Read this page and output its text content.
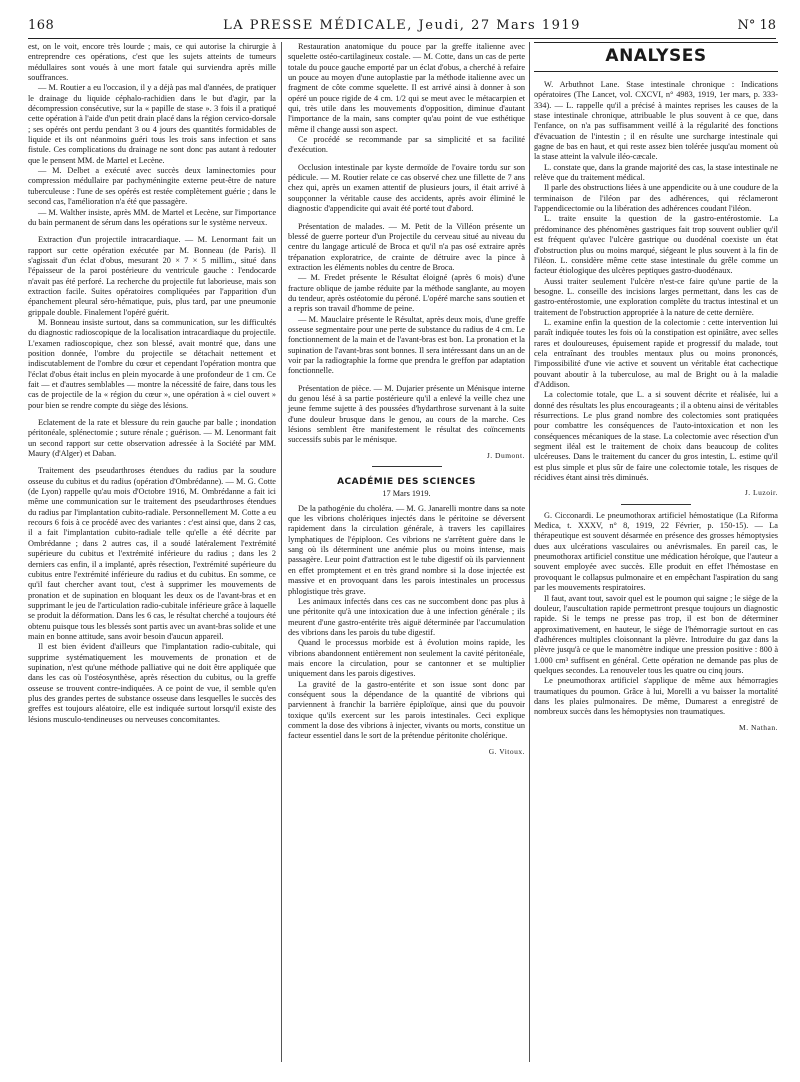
168	LA PRESSE MÉDICALE, Jeudi, 27 Mars 1919	N° 18

est, on le voit, encore très lourde ; mais, ce qui autorise la chirurgie à entreprendre ces opérations, c'est que les sujets atteints de tumeurs médullaires sont voués à une mort fatale qui surviendra après mille souffrances.

— M. Routier a eu l'occasion, il y a déjà pas mal d'années, de pratiquer le drainage du liquide céphalo-rachidien dans le but d'agir, par la décompression consécutive, sur la « papille de stase ». 3 fois il a pratiqué cette opération à l'aide d'un petit drain placé dans la région cervico-dorsale ; ses opérés ont perdu pendant 3 ou 4 jours des quantités formidables de liquide et ils ont néanmoins guéri tous les trois sans infection et sans fistule. Ces complications du drainage ne sont donc pas autant à redouter que le pensent MM. de Martel et Lecène.

— M. Delbet a exécuté avec succès deux laminectomies pour compression médullaire par pachyméningite externe peut-être de nature tuberculeuse : l'une de ses opérés est restée complètement guérie ; dans le second cas, l'amélioration n'a été que passagère.

— M. Walther insiste, après MM. de Martel et Lecène, sur l'importance du bain permanent de sérum dans les opérations sur le système nerveux.

Extraction d'un projectile intracardiaque. — M. Lenormant fait un rapport sur cette opération exécutée par M. Bonneau (de Paris). Il s'agissait d'un éclat d'obus, mesurant 20 × 7 × 5 millim., situé dans l'épaisseur de la paroi postérieure du ventricule gauche : l'endocarde n'avait pas été perforé. La recherche du projectile fut laborieuse, mais son extraction facile. Suites opératoires compliquées par l'apparition d'un épanchement pleural séro-hématique, puis, plus tard, par une pneumonie grippale double. Finalement l'opéré guérit.

M. Bonneau insiste surtout, dans sa communication, sur les difficultés du diagnostic radioscopique de la localisation intracardiaque du projectile. L'examen radioscopique, chez son blessé, avait montré que, dans une position donnée, l'ombre du projectile se détachait nettement et indiscutablement de l'ombre du cœur et cependant l'opération montra que l'éclat d'obus était inclus en plein myocarde à une profondeur de 1 cm. Ce fait — et d'autres semblables — montre la nécessité de faire, dans tous les cas de projectile de la « région du cœur », une opération à « ciel ouvert » pour bien se rendre compte du siège des lésions.

Eclatement de la rate et blessure du rein gauche par balle ; inondation péritonéale, splénectomie ; suture rénale ; guérison. — M. Lenormant fait un second rapport sur cette observation adressée à la Société par MM. Maury (d'Alger) et Daban.

Traitement des pseudarthroses étendues du radius par la soudure osseuse du cubitus et du radius (opération d'Ombrédanne). — M. G. Cotte (de Lyon) rappelle qu'au mois d'Octobre 1916, M. Ombrédanne a fait ici même une communication sur le traitement des pseudarthroses étendues du radius par l'implantation cubito-radiale. Personnellement M. Cotte a eu recours 6 fois à ce procédé avec des variantes : c'est ainsi que, dans 2 cas, il a fait l'implantation cubito-radiale telle qu'elle a été décrite par Ombrédanne ; dans 2 autres cas, il a soudé latéralement l'extrémité supérieure du cubitus et l'extrémité inférieure du radius ; dans les 2 derniers cas enfin, il a implanté, après résection, l'extrémité supérieure du cubitus entre l'extrémité inférieure du radius et du cubitus. En somme, ce qu'il faut chercher avant tout, c'est à supprimer les mouvements de pronation et de supination en bloquant les deux os de l'avant-bras et en supprimant le jeu de l'articulation radio-cubitale inférieure grâce à laquelle se produit la déformation. Dans les 6 cas, le résultat cherché a toujours été obtenu puisque tous les blessés sont partis avec un avant-bras solide et une main en bonne attitude, sans avoir besoin d'aucun appareil.

Il est bien évident d'ailleurs que l'implantation radio-cubitale, qui supprime systématiquement les mouvements de pronation et de supination, n'est qu'une méthode palliative qui ne doit être appliquée que dans les cas où l'ostéosynthèse, après résection du cubitus, ou la greffe osseuse se trouvent contre-indiquées. A ce point de vue, il semble qu'en plus des grandes pertes de substance osseuse dans lesquelles le succès des greffes est toujours aléatoire, elle est indiquée surtout lorsqu'il existe des lésions musculo-tendineuses ou nerveuses concomitantes.

Restauration anatomique du pouce par la greffe italienne avec squelette ostéo-cartilagineux costale. — M. Cotte, dans un cas de perte totale du pouce gauche emporté par un éclat d'obus, a cherché à refaire un pouce au moyen d'une autoplastie par la méthode italienne avec un fragment de côte comme squelette. Il est arrivé ainsi à donner à son opéré un pouce rigide de 4 cm. 1/2 qui se meut avec le métacarpien et qui, très utile dans les mouvements d'opposition, diminue d'autant l'importance de la main, sans compter qu'au point de vue esthétique même il change aussi son aspect.

Ce procédé se recommande par sa simplicité et sa facilité d'exécution.

Occlusion intestinale par kyste dermoïde de l'ovaire tordu sur son pédicule. — M. Routier relate ce cas observé chez une fillette de 7 ans chez qui, après un examen attentif de plusieurs jours, il était arrivé à soupçonner la véritable cause des accidents, après avoir éliminé le diagnostic d'appendicite qui avait été porté tout d'abord.

Présentation de malades. — M. Petit de la Villéon présente un blessé de guerre porteur d'un Projectile du cerveau situé au niveau du centre du langage articulé de Broca et qu'il n'a pas osé extraire après trépanation exploratrice, de crainte de détruire avec la pince à extraction les éléments nobles du centre de Broca.

— M. Fredet présente le Résultat éloigné (après 6 mois) d'une fracture oblique de jambe réduite par la méthode sanglante, au moyen du tendeur, après ostéotomie du péroné. L'opéré marche sans soutien et a repris son travail d'homme de peine.

— M. Mauclaire présente le Résultat, après deux mois, d'une greffe osseuse segmentaire pour une perte de substance du radius de 4 cm. Le fonctionnement de la main et de l'avant-bras est bon. La pronation et la supination de l'avant-bras sont bonnes. Il sera intéressant dans un an de voir par la radiographie la forme que prendra le greffon par adaptation fonctionnelle.

Présentation de pièce. — M. Dujarier présente un Ménisque interne du genou lésé à sa partie postérieure qu'il a enlevé la veille chez une jeune femme sujette à des poussées d'hydarthrose survenant à la suite d'une douleur brusque dans le genou, au cours de la marche. Ces lésions semblent être manifestement le résultat des coïncements successifs subis par le ménisque.

J. Dumont.
ACADÉMIE DES SCIENCES
17 Mars 1919.

De la pathogénie du choléra. — M. G. Janarelli montre dans sa note que les vibrions cholériques injectés dans le péritoine se déversent rapidement dans la circulation générale, à travers les capillaires lymphatiques de l'épiploon. Ces vibrions ne s'arrêtent guère dans le sang où ils déterminent une anémie plus ou moins intense, mais passagère. Leur point d'attraction est le tube digestif où ils parviennent en effet promptement et en très grand nombre si la dose injectée est massive et en provoquant dans les parois intestinales un processus phlogistique très grave.

Les animaux infectés dans ces cas ne succombent donc pas plus à une péritonite qu'à une intoxication due à une infection générale ; ils meurent d'une gastro-entérite très aiguë déterminée par l'accumulation des vibrions dans les parois du tube digestif.

Quand le processus morbide est à évolution moins rapide, les vibrions abandonnent entièrement non seulement la cavité péritonéale, mais encore la circulation, pour se cantonner et se multiplier uniquement dans les parois digestives.

La gravité de la gastro-entérite et son issue sont donc par conséquent sous la dépendance de la quantité de vibrions qui parviennent à franchir la barrière épiploïque, ainsi que du pouvoir toxique qu'ils exercent sur les parois intestinales. Ceci explique comment la dose des vibrions à injecter, vivants ou morts, constitue un facteur essentiel dans le sort de la prétendue péritonite cholérique.

G. Vitoux.
ANALYSES

W. Arbuthnot Lane. Stase intestinale chronique : Indications opératoires (The Lancet, vol. CXCVI, n° 4983, 1919, 1er mars, p. 333-334). — L. rappelle qu'il a précisé à maintes reprises les causes de la stase intestinale chronique, attribuable le plus souvent à ce que, dans l'enfance, on n'a pas suffisamment veillé à la régularité des fonctions d'évacuation de l'intestin ; il en résulte une surcharge intestinale qui gagne de bas en haut, et qui reste assez bien tolérée jusqu'au moment où la stase atteint la valvule iléo-cæcale.

L. constate que, dans la grande majorité des cas, la stase intestinale ne relève que du traitement médical.

Il parle des obstructions liées à une appendicite ou à une coudure de la terminaison de l'iléon par des adhérences, qui réclameront l'appendicectomie ou la libération des adhérences coudant l'iléon.

L. traite ensuite la question de la gastro-entérostomie. La prédominance des phénomènes gastriques fait trop souvent oublier qu'il est fréquent qu'avec l'ulcère gastrique ou duodénal coexiste un état d'obstruction plus ou moins marqué, siégeant le plus souvent à la fin de l'iléon. L. considère même cette stase intestinale du grêle comme un facteur étiologique des ulcères peptiques gastro-duodénaux.

Aussi traiter seulement l'ulcère n'est-ce faire qu'une partie de la besogne. L. conseille des incisions larges permettant, dans les cas de gastro-entérostomie, une exploration complète du tractus intestinal et un traitement de l'obstruction appropriée à la nature de cette dernière.

L. examine enfin la question de la colectomie : cette intervention lui paraît indiquée toutes les fois où la constipation est opiniâtre, avec selles rares et douloureuses, épuisement rapide et progressif du malade, tout cela entraînant des troubles mentaux plus ou moins prononcés, l'impossibilité d'une vie active et souvent un véritable état cachectique pouvant aboutir à la tuberculose, au mal de Bright ou à la maladie d'Addison.

La colectomie totale, que L. a si souvent décrite et réalisée, lui a donné des résultats les plus encourageants ; il a obtenu ainsi de véritables résurrections. Le plus grand nombre des colectomies sont pratiquées pour combattre les conséquences de l'auto-intoxication et non les conséquences mécaniques de la stase. La colectomie avec résection d'un segment iléal est le traitement de choix dans beaucoup de colites ulcéreuses. Dans le traitement du cancer du gros intestin, L. estime qu'il est plus simple et plus sûr de faire une colectomie totale, les risques de récidives étant ainsi très diminués.

J. Luzoir.

G. Cicconardi. Le pneumothorax artificiel hémostatique (La Riforma Medica, t. XXXV, n° 8, 1919, 22 Février, p. 150-15). — La thérapeutique est souvent désarmée en présence des grosses hémoptysies dues aux ulcérations vasculaires ou anévrismales. En pareil cas, le pneumothorax artificiel constitue une médication héroïque, que l'auteur a souvent employée avec succès. Elle produit en effet l'hémostase en provoquant le collapsus pulmonaire et en empêchant l'aspiration du sang par les mouvements respiratoires.

Il faut, avant tout, savoir quel est le poumon qui saigne ; le siège de la douleur, l'auscultation rapide permettront presque toujours un diagnostic rapide. Si le temps ne presse pas trop, il est bon de déterminer approximativement, en hauteur, le siège de l'hémorragie surtout en cas d'adhérences multiples cloisonnant la plèvre. Introduire du gaz dans la plèvre jusqu'à ce que le manomètre indique une pression positive : 800 à 1.000 cm³ suffisent en général. Cette opération ne demande pas plus de quelques secondes. La renouveler tous les quatre ou cinq jours.

Le pneumothorax artificiel s'applique de même aux hémorragies traumatiques du poumon. Grâce à lui, Morelli a vu baisser la mortalité dans les plaies pulmonaires. De même, Dumarest a enregistré de nombreux succès dans les hémoptysies non traumatiques.

M. Nathan.
